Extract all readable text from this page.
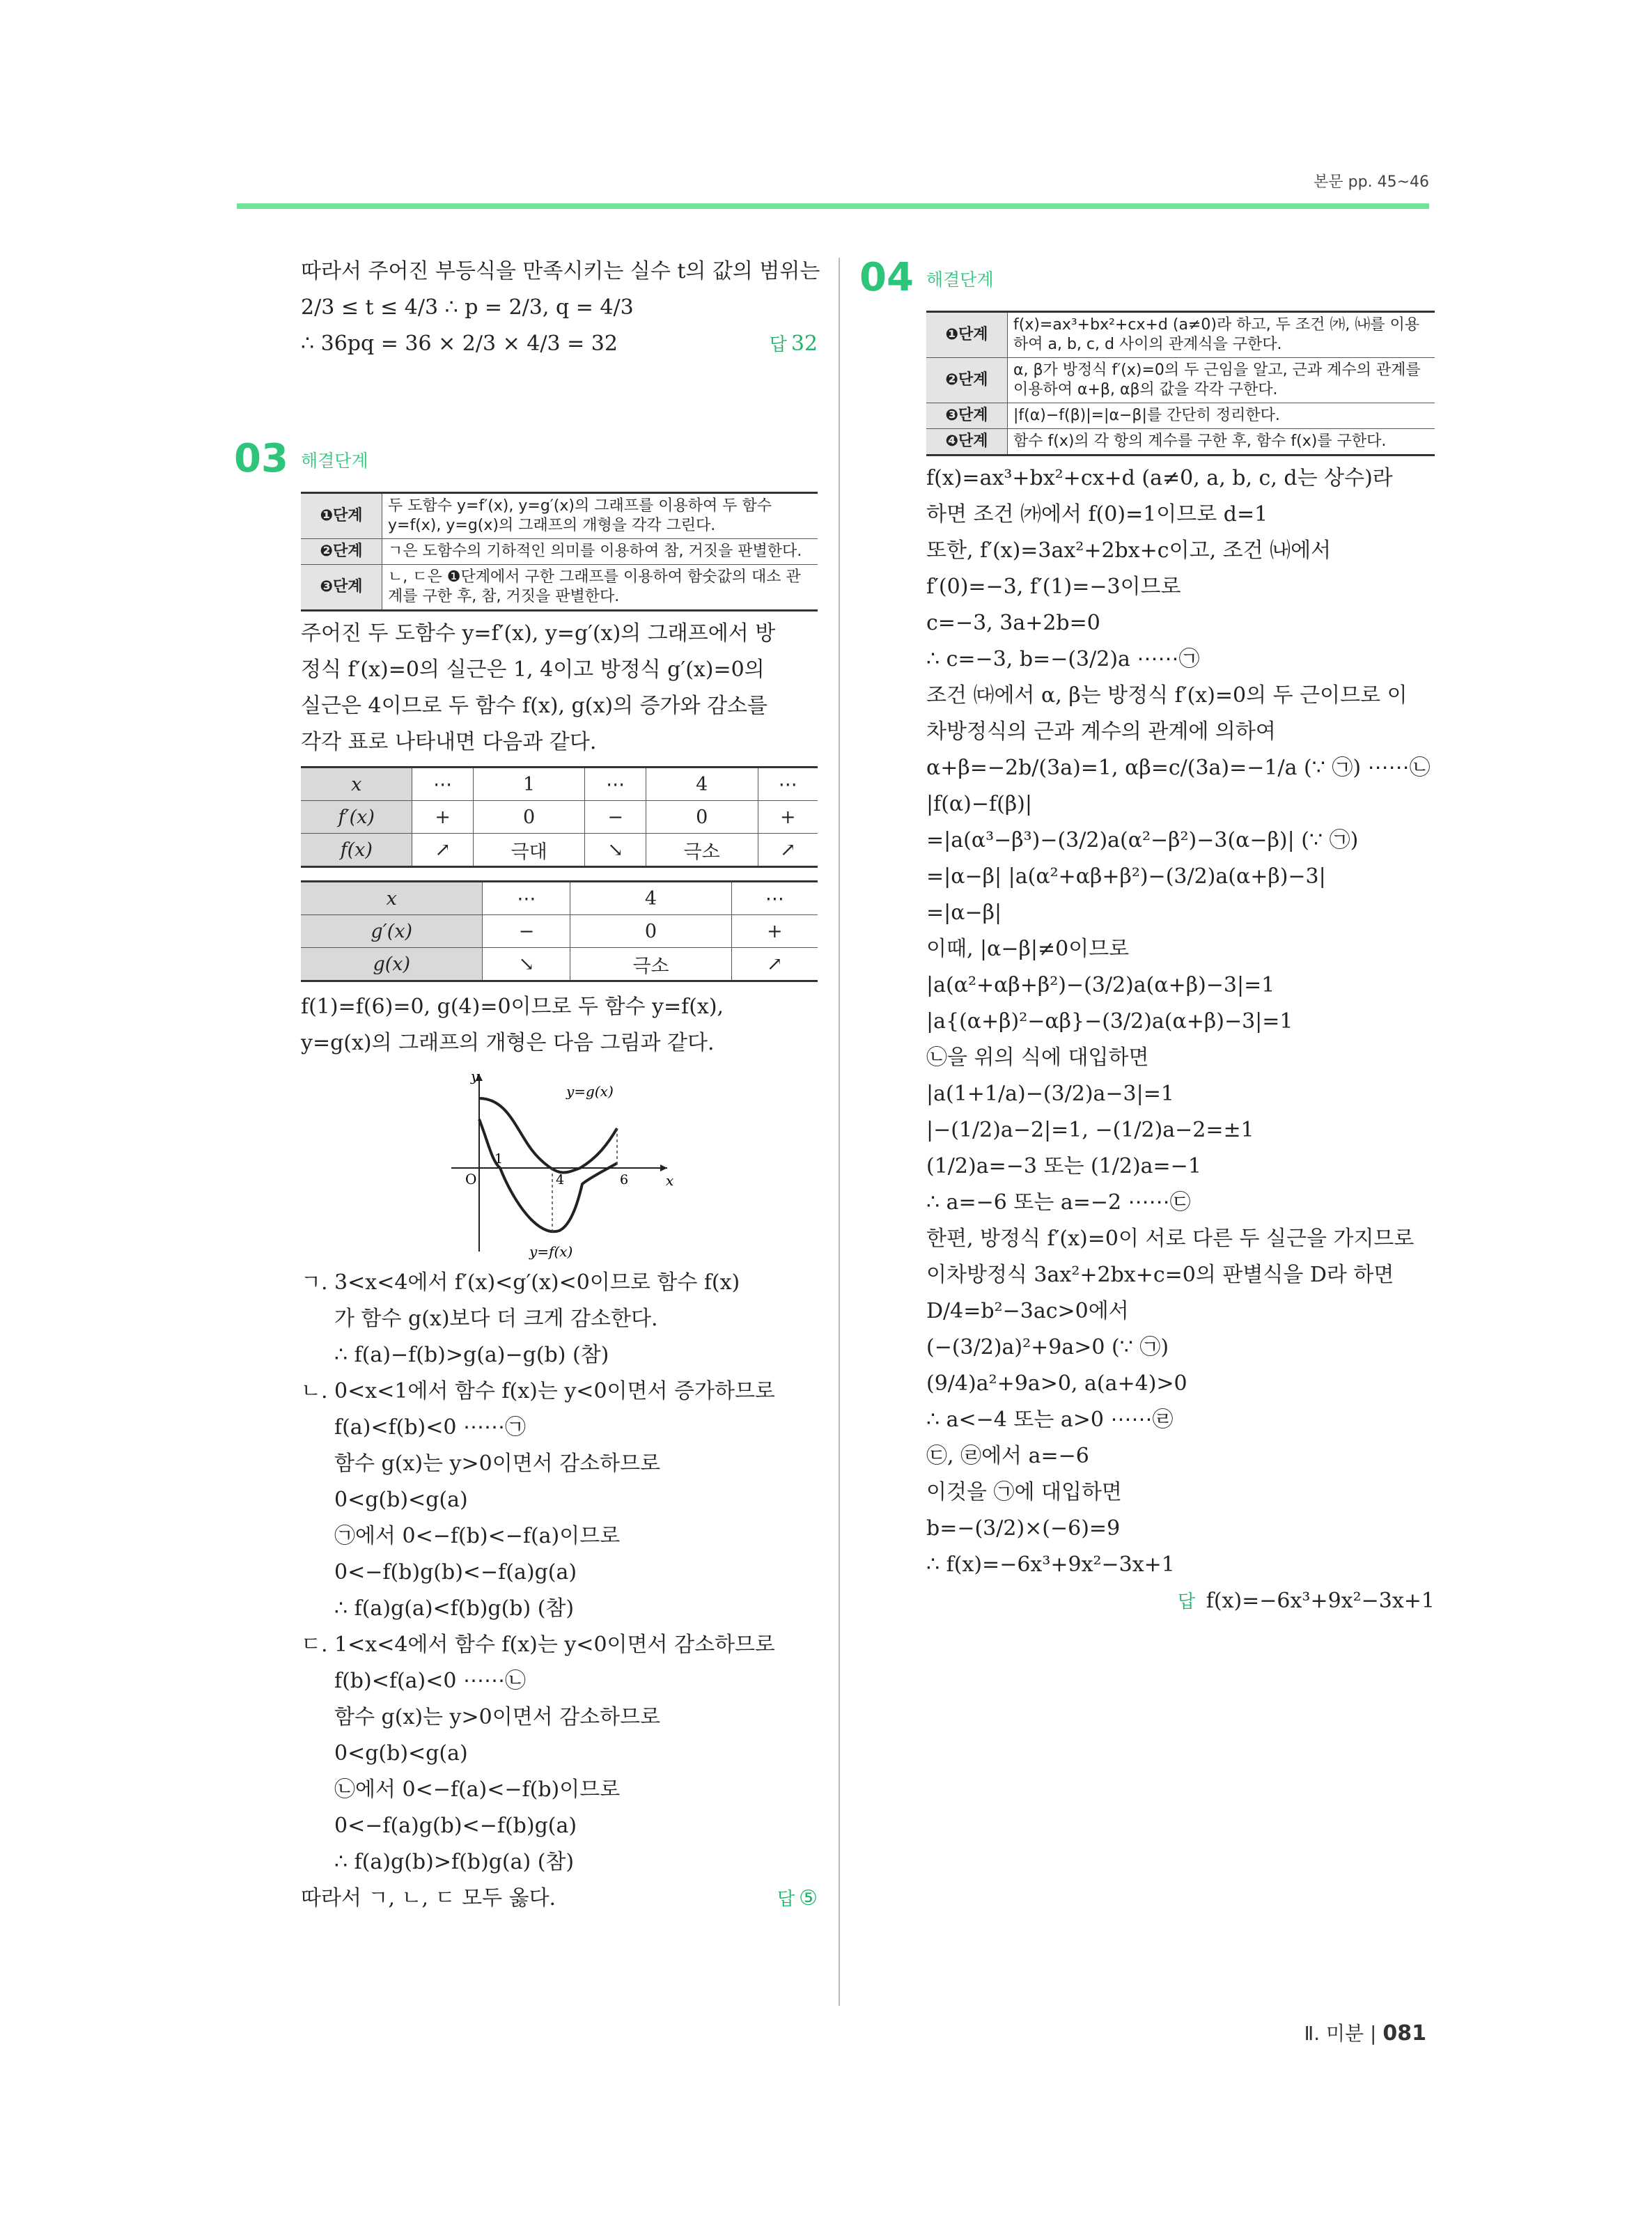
본문 pp. 45~46
따라서 주어진 부등식을 만족시키는 실수 t의 값의 범위는
2/3 ≤ t ≤ 4/3 ∴ p = 2/3, q = 4/3
∴ 36pq = 36 × 2/3 × 4/3 = 32	답 32
03 해결단계
❶단계	두 도함수 y=f′(x), y=g′(x)의 그래프를 이용하여 두 함수 y=f(x), y=g(x)의 그래프의 개형을 각각 그린다.
❷단계	ㄱ은 도함수의 기하적인 의미를 이용하여 참, 거짓을 판별한다.
❸단계	ㄴ, ㄷ은 ❶단계에서 구한 그래프를 이용하여 함숫값의 대소 관계를 구한 후, 참, 거짓을 판별한다.
주어진 두 도함수 y=f′(x), y=g′(x)의 그래프에서 방
정식 f′(x)=0의 실근은 1, 4이고 방정식 g′(x)=0의
실근은 4이므로 두 함수 f(x), g(x)의 증가와 감소를
각각 표로 나타내면 다음과 같다.
x	⋯	1	⋯	4	⋯
f′(x)	+	0	−	0	+
f(x)	↗	극대	↘	극소	↗
x	⋯	4	⋯
g′(x)	−	0	+
g(x)	↘	극소	↗
f(1)=f(6)=0, g(4)=0이므로 두 함수 y=f(x),
y=g(x)의 그래프의 개형은 다음 그림과 같다.
y
x
O
1
4	6
y=g(x)
y=f(x)
ㄱ. 3<x<4에서 f′(x)<g′(x)<0이므로 함수 f(x)
가 함수 g(x)보다 더 크게 감소한다.
∴ f(a)−f(b)>g(a)−g(b) (참)
ㄴ. 0<x<1에서 함수 f(x)는 y<0이면서 증가하므로
f(a)<f(b)<0 ⋯⋯㉠
함수 g(x)는 y>0이면서 감소하므로
0<g(b)<g(a)
㉠에서 0<−f(b)<−f(a)이므로
0<−f(b)g(b)<−f(a)g(a)
∴ f(a)g(a)<f(b)g(b) (참)
ㄷ. 1<x<4에서 함수 f(x)는 y<0이면서 감소하므로
f(b)<f(a)<0 ⋯⋯㉡
함수 g(x)는 y>0이면서 감소하므로
0<g(b)<g(a)
㉡에서 0<−f(a)<−f(b)이므로
0<−f(a)g(b)<−f(b)g(a)
∴ f(a)g(b)>f(b)g(a) (참)
따라서 ㄱ, ㄴ, ㄷ 모두 옳다.	답 ⑤
04 해결단계
❶단계	f(x)=ax³+bx²+cx+d (a≠0)라 하고, 두 조건 ㈎, ㈏를 이용하여 a, b, c, d 사이의 관계식을 구한다.
❷단계	α, β가 방정식 f′(x)=0의 두 근임을 알고, 근과 계수의 관계를 이용하여 α+β, αβ의 값을 각각 구한다.
❸단계	|f(α)−f(β)|=|α−β|를 간단히 정리한다.
❹단계	함수 f(x)의 각 항의 계수를 구한 후, 함수 f(x)를 구한다.
f(x)=ax³+bx²+cx+d (a≠0, a, b, c, d는 상수)라
하면 조건 ㈎에서 f(0)=1이므로 d=1
또한, f′(x)=3ax²+2bx+c이고, 조건 ㈏에서
f′(0)=−3, f′(1)=−3이므로
c=−3, 3a+2b=0
∴ c=−3, b=−(3/2)a ⋯⋯㉠
조건 ㈐에서 α, β는 방정식 f′(x)=0의 두 근이므로 이
차방정식의 근과 계수의 관계에 의하여
α+β=−2b/(3a)=1, αβ=c/(3a)=−1/a (∵ ㉠) ⋯⋯㉡
|f(α)−f(β)|
=|a(α³−β³)−(3/2)a(α²−β²)−3(α−β)| (∵ ㉠)
=|α−β| |a(α²+αβ+β²)−(3/2)a(α+β)−3|
=|α−β|
이때, |α−β|≠0이므로
|a(α²+αβ+β²)−(3/2)a(α+β)−3|=1
|a{(α+β)²−αβ}−(3/2)a(α+β)−3|=1
㉡을 위의 식에 대입하면
|a(1+1/a)−(3/2)a−3|=1
|−(1/2)a−2|=1, −(1/2)a−2=±1
(1/2)a=−3 또는 (1/2)a=−1
∴ a=−6 또는 a=−2 ⋯⋯㉢
한편, 방정식 f′(x)=0이 서로 다른 두 실근을 가지므로
이차방정식 3ax²+2bx+c=0의 판별식을 D라 하면
D/4=b²−3ac>0에서
(−(3/2)a)²+9a>0 (∵ ㉠)
(9/4)a²+9a>0, a(a+4)>0
∴ a<−4 또는 a>0 ⋯⋯㉣
㉢, ㉣에서 a=−6
이것을 ㉠에 대입하면
b=−(3/2)×(−6)=9
∴ f(x)=−6x³+9x²−3x+1
답 f(x)=−6x³+9x²−3x+1
Ⅱ. 미분 | 081
